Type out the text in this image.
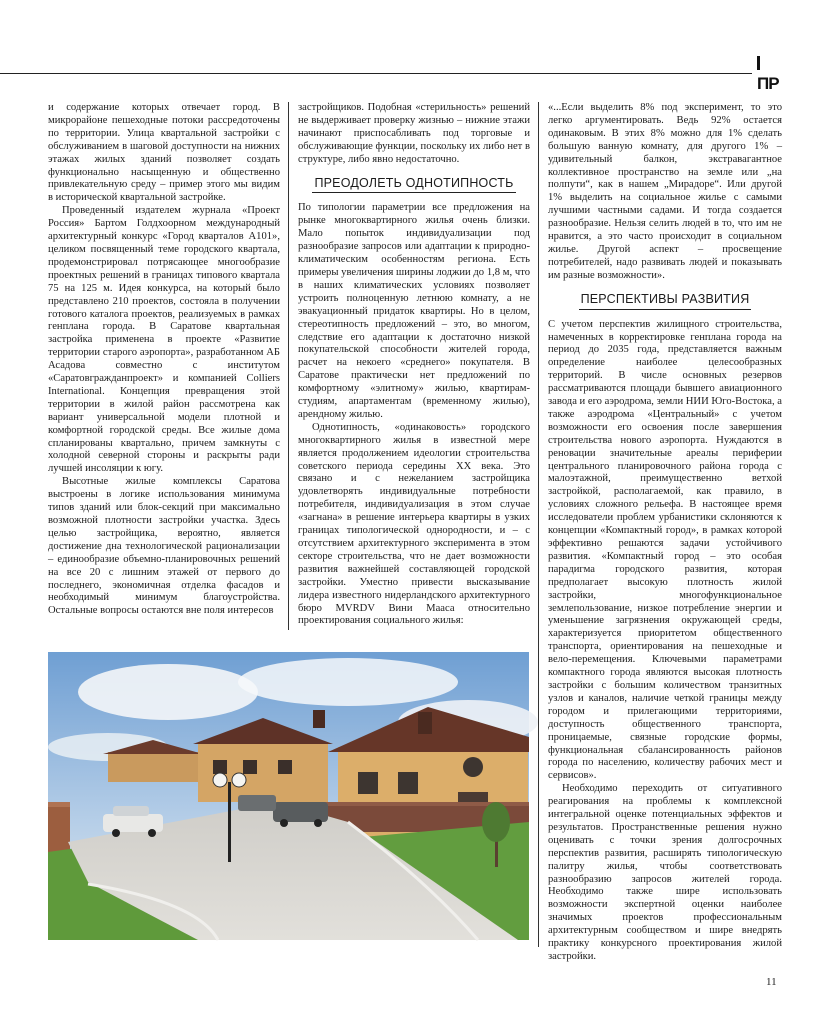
ПР

и содержание которых отвечает город. В микрорайоне пешеходные потоки рассредоточены по территории. Улица квартальной застройки с обслуживанием в шаговой доступности на нижних этажах жилых зданий позволяет создать функционально насыщенную и общественно привлекательную среду – пример этого мы видим в исторической квартальной застройке.

Проведенный издателем журнала «Проект Россия» Бартом Голдхоорном международный архитектурный конкурс «Город кварталов А101», целиком посвященный теме городского квартала, продемонстрировал потрясающее многообразие проектных решений в границах типового квартала 75 на 125 м. Идея конкурса, на который было представлено 210 проектов, состояла в получении готового каталога проектов, реализуемых в рамках генплана города. В Саратове квартальная застройка применена в проекте «Развитие территории старого аэропорта», разработанном АБ Асадова совместно с институтом «Саратовгражданпроект» и компанией Colliers International. Концепция превращения этой территории в жилой район рассмотрена как вариант универсальной модели плотной и комфортной городской среды. Все жилые дома спланированы квартально, причем замкнуты с холодной северной стороны и раскрыты ради лучшей инсоляции к югу.

Высотные жилые комплексы Саратова выстроены в логике использования минимума типов зданий или блок-секций при максимально возможной плотности застройки участка. Здесь целью застройщика, вероятно, является достижение дна технологической рационализации – единообразие объемно-планировочных решений на все 20 с лишним этажей от первого до последнего, экономичная отделка фасадов и необходимый минимум благоустройства. Остальные вопросы остаются вне поля интересов

застройщиков. Подобная «стерильность» решений не выдерживает проверку жизнью – нижние этажи начинают приспосабливать под торговые и обслуживающие функции, поскольку их либо нет в структуре, либо явно недостаточно.

ПРЕОДОЛЕТЬ ОДНОТИПНОСТЬ

По типологии параметрии все предложения на рынке многоквартирного жилья очень близки. Мало попыток индивидуализации под разнообразие запросов или адаптации к природно-климатическим особенностям региона. Есть примеры увеличения ширины лоджии до 1,8 м, что в наших климатических условиях позволяет устроить полноценную летнюю комнату, а не эвакуационный придаток квартиры. Но в целом, стереотипность предложений – это, во многом, следствие его адаптации к достаточно низкой покупательской способности жителей города, расчет на некоего «среднего» покупателя. В Саратове практически нет предложений по комфортному «элитному» жилью, квартирам-студиям, апартаментам (временному жилью), арендному жилью.

Однотипность, «одинаковость» городского многоквартирного жилья в известной мере является продолжением идеологии строительства советского периода середины XX века. Это связано и с нежеланием застройщика удовлетворять индивидуальные потребности потребителя, индивидуализация в этом случае «загнана» в решение интерьера квартиры в узких границах типологической однородности, и – с отсутствием архитектурного эксперимента в этом секторе строительства, что не дает возможности развития важнейшей составляющей городской застройки. Уместно привести высказывание лидера известного нидерландского архитектурного бюро MVRDV Вини Мааса относительно проектирования социального жилья:

«...Если выделить 8% под эксперимент, то это легко аргументировать. Ведь 92% остается одинаковым. В этих 8% можно для 1% сделать большую ванную комнату, для другого 1% – удивительный балкон, экстравагантное коллективное пространство на земле или „на полпути“, как в нашем „Мирадоре“. Или другой 1% выделить на социальное жилье с самыми лучшими частными садами. И тогда создается разнообразие. Нельзя селить людей в то, что им не нравится, а это часто происходит в социальном жилье. Другой аспект – просвещение потребителей, надо развивать людей и показывать им разные возможности».

ПЕРСПЕКТИВЫ РАЗВИТИЯ

С учетом перспектив жилищного строительства, намеченных в корректировке генплана города на период до 2035 года, представляется важным определение наиболее целесообразных территорий. В числе основных резервов рассматриваются площади бывшего авиационного завода и его аэродрома, земли НИИ Юго-Востока, а также аэродрома «Центральный» с учетом возможности его освоения после завершения строительства нового аэропорта. Нуждаются в реновации значительные ареалы периферии центрального планировочного района города с малоэтажной, преимущественно ветхой застройкой, располагаемой, как правило, в условиях сложного рельефа. В настоящее время исследователи проблем урбанистики склоняются к концепции «Компактный город», в рамках которой эффективно решаются задачи устойчивого развития. «Компактный город – это особая парадигма городского развития, которая предполагает высокую плотность жилой застройки, многофункциональное землепользование, низкое потребление энергии и уменьшение загрязнения окружающей среды, характеризуется приоритетом общественного транспорта, ориентирования на пешеходные и вело-перемещения. Ключевыми параметрами компактного города являются высокая плотность застройки с большим количеством транзитных узлов и каналов, наличие четкой границы между городом и прилегающими территориями, доступность общественного транспорта, проницаемые, связные городские формы, функциональная сбалансированность районов города по населению, количеству рабочих мест и сервисов».

Необходимо переходить от ситуативного реагирования на проблемы к комплексной интегральной оценке потенциальных эффектов и результатов. Пространственные решения нужно оценивать с точки зрения долгосрочных перспектив развития, расширять типологическую палитру жилья, чтобы соответствовать разнообразию запросов жителей города. Необходимо также шире использовать возможности экспертной оценки наиболее значимых проектов профессиональным архитектурным сообществом и шире внедрять практику конкурсного проектирования жилой застройки.

11
